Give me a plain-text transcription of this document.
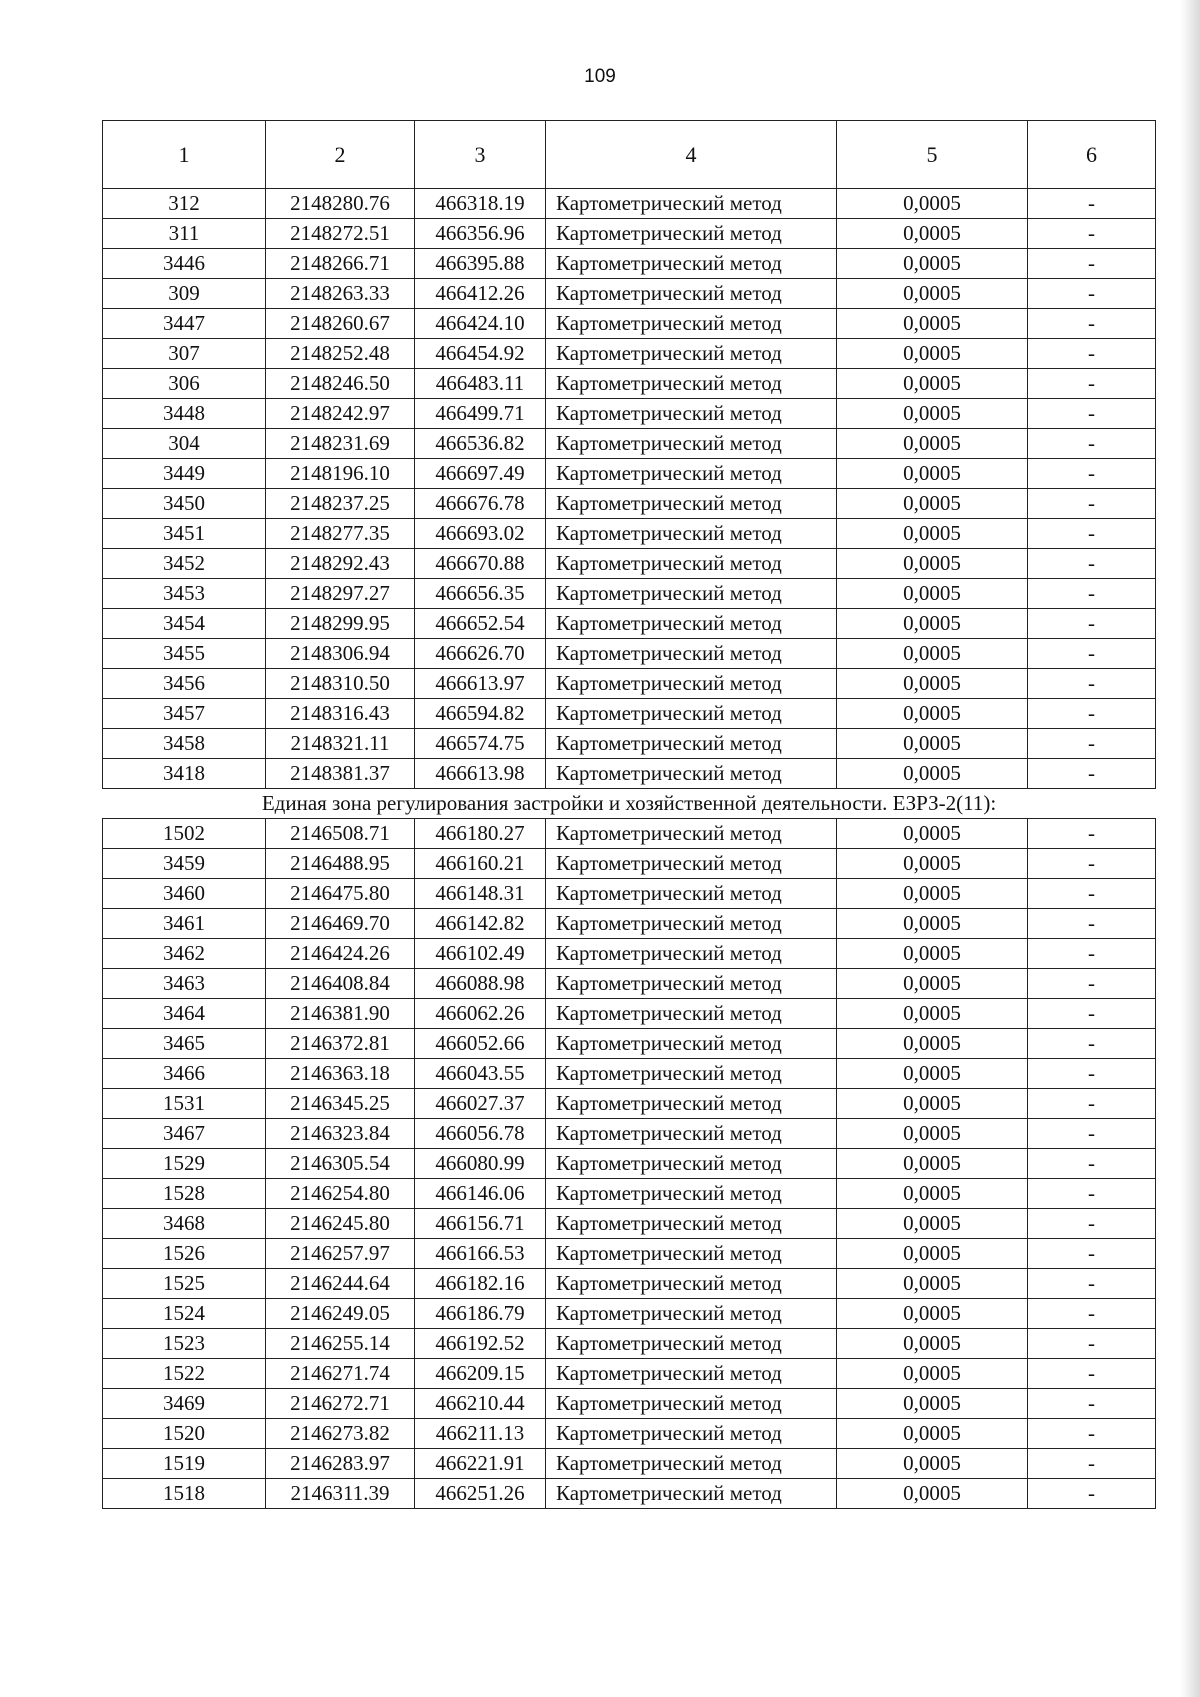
109
1	2	3	4	5	6
312	2148280.76	466318.19	Картометрический метод	0,0005	-
311	2148272.51	466356.96	Картометрический метод	0,0005	-
3446	2148266.71	466395.88	Картометрический метод	0,0005	-
309	2148263.33	466412.26	Картометрический метод	0,0005	-
3447	2148260.67	466424.10	Картометрический метод	0,0005	-
307	2148252.48	466454.92	Картометрический метод	0,0005	-
306	2148246.50	466483.11	Картометрический метод	0,0005	-
3448	2148242.97	466499.71	Картометрический метод	0,0005	-
304	2148231.69	466536.82	Картометрический метод	0,0005	-
3449	2148196.10	466697.49	Картометрический метод	0,0005	-
3450	2148237.25	466676.78	Картометрический метод	0,0005	-
3451	2148277.35	466693.02	Картометрический метод	0,0005	-
3452	2148292.43	466670.88	Картометрический метод	0,0005	-
3453	2148297.27	466656.35	Картометрический метод	0,0005	-
3454	2148299.95	466652.54	Картометрический метод	0,0005	-
3455	2148306.94	466626.70	Картометрический метод	0,0005	-
3456	2148310.50	466613.97	Картометрический метод	0,0005	-
3457	2148316.43	466594.82	Картометрический метод	0,0005	-
3458	2148321.11	466574.75	Картометрический метод	0,0005	-
3418	2148381.37	466613.98	Картометрический метод	0,0005	-
Единая зона регулирования застройки и хозяйственной деятельности. ЕЗРЗ-2(11):					
1502	2146508.71	466180.27	Картометрический метод	0,0005	-
3459	2146488.95	466160.21	Картометрический метод	0,0005	-
3460	2146475.80	466148.31	Картометрический метод	0,0005	-
3461	2146469.70	466142.82	Картометрический метод	0,0005	-
3462	2146424.26	466102.49	Картометрический метод	0,0005	-
3463	2146408.84	466088.98	Картометрический метод	0,0005	-
3464	2146381.90	466062.26	Картометрический метод	0,0005	-
3465	2146372.81	466052.66	Картометрический метод	0,0005	-
3466	2146363.18	466043.55	Картометрический метод	0,0005	-
1531	2146345.25	466027.37	Картометрический метод	0,0005	-
3467	2146323.84	466056.78	Картометрический метод	0,0005	-
1529	2146305.54	466080.99	Картометрический метод	0,0005	-
1528	2146254.80	466146.06	Картометрический метод	0,0005	-
3468	2146245.80	466156.71	Картометрический метод	0,0005	-
1526	2146257.97	466166.53	Картометрический метод	0,0005	-
1525	2146244.64	466182.16	Картометрический метод	0,0005	-
1524	2146249.05	466186.79	Картометрический метод	0,0005	-
1523	2146255.14	466192.52	Картометрический метод	0,0005	-
1522	2146271.74	466209.15	Картометрический метод	0,0005	-
3469	2146272.71	466210.44	Картометрический метод	0,0005	-
1520	2146273.82	466211.13	Картометрический метод	0,0005	-
1519	2146283.97	466221.91	Картометрический метод	0,0005	-
1518	2146311.39	466251.26	Картометрический метод	0,0005	-
